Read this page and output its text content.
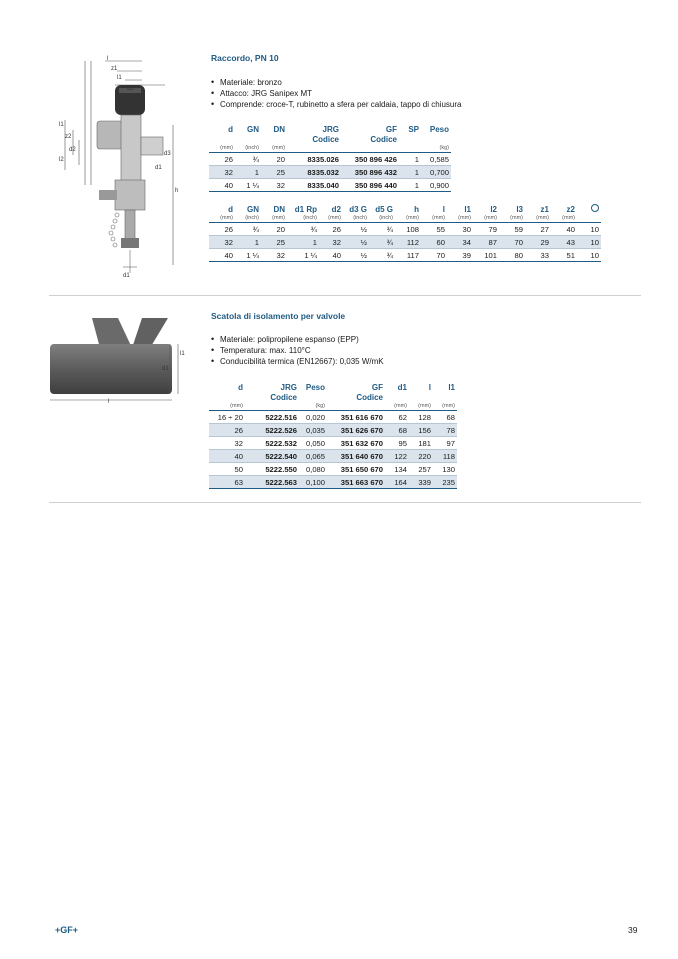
l
z1
l1
d5
l1
z2
d2
l2
d3
d1
h
d1
Raccordo, PN 10
• Materiale: bronzo
• Attacco: JRG Sanipex MT
• Comprende: croce-T, rubinetto a sfera per caldaia, tappo di chiusura
d	GN	DN	JRG	GF	SP	Peso
			Codice	Codice		
(mm)	(inch)	(mm)				(kg)
26	¾	20	8335.026	350 896 426	1	0,585
32	1	25	8335.032	350 896 432	1	0,700
40	1 ¼	32	8335.040	350 896 440	1	0,900
d	GN	DN	d1 Rp	d2	d3 G	d5 G	h	l	l1	l2	l3	z1	z2	
(mm)	(inch)	(mm)	(inch)	(mm)	(inch)	(inch)	(mm)	(mm)	(mm)	(mm)	(mm)	(mm)	(mm)	
26	¾	20	¾	26	½	¾	108	55	30	79	59	27	40	10
32	1	25	1	32	½	¾	112	60	34	87	70	29	43	10
40	1 ¼	32	1 ¼	40	½	¾	117	70	39	101	80	33	51	10
l1
d1
l
Scatola di isolamento per valvole
• Materiale: polipropilene espanso (EPP)
• Temperatura: max. 110°C
• Conducibilità termica (EN12667): 0,035 W/mK
d	JRG	Peso	GF	d1	l	l1
	Codice		Codice			
(mm)		(kg)		(mm)	(mm)	(mm)
16 ÷ 20	5222.516	0,020	351 616 670	62	128	68
26	5222.526	0,035	351 626 670	68	156	78
32	5222.532	0,050	351 632 670	95	181	97
40	5222.540	0,065	351 640 670	122	220	118
50	5222.550	0,080	351 650 670	134	257	130
63	5222.563	0,100	351 663 670	164	339	235
+GF+	39
